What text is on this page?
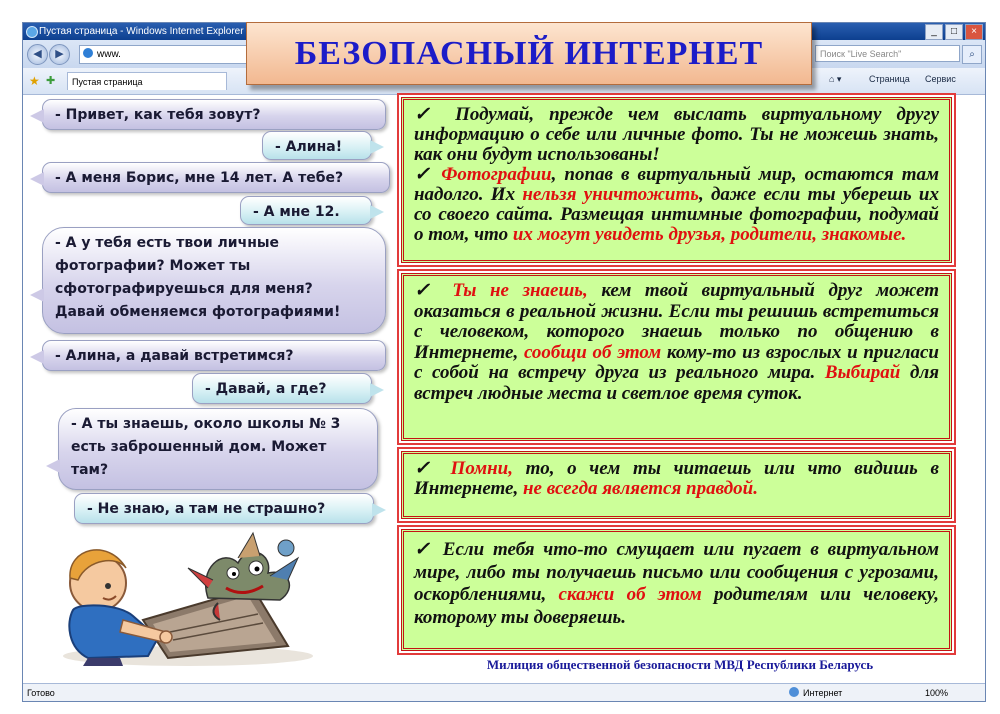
Пустая страница - Windows Internet Explorer	_	□	×
◀	▶	www.	Поиск "Live Search"	⌕
★ ✚	Пустая страница	⌂ ▾	Страница Сервис
Готово	Интернет	100%
БЕЗОПАСНЫЙ ИНТЕРНЕТ
- Привет, как тебя зовут?
- Алина!
- А меня Борис, мне 14 лет. А тебе?
- А мне 12.
- А у тебя есть твои личные
фотографии? Может ты
сфотографируешься для меня?
Давай обменяемся фотографиями!
- Алина, а давай встретимся?
- Давай, а где?
- А ты знаешь, около школы № 3
есть заброшенный дом. Может
там?
- Не знаю, а там не страшно?
✓ Подумай, прежде чем выслать виртуальному другу информацию о себе или личные фото. Ты не можешь знать, как они будут использованы!
✓ Фотографии, попав в виртуальный мир, остаются там надолго. Их нельзя уничтожить, даже если ты уберешь их со своего сайта. Размещая интимные фотографии, подумай о том, что их могут увидеть друзья, родители, знакомые.
✓ Ты не знаешь, кем твой виртуальный друг может оказаться в реальной жизни. Если ты решишь встретиться с человеком, которого знаешь только по общению в Интернете, сообщи об этом кому-то из взрослых и пригласи с собой на встречу друга из реального мира. Выбирай для встреч людные места и светлое время суток.
✓ Помни, то, о чем ты читаешь или что видишь в Интернете, не всегда является правдой.
✓ Если тебя что-то смущает или пугает в виртуальном мире, либо ты получаешь письмо или сообщения с угрозами, оскорблениями, скажи об этом родителям или человеку, которому ты доверяешь.
Милиция общественной безопасности МВД Республики Беларусь
